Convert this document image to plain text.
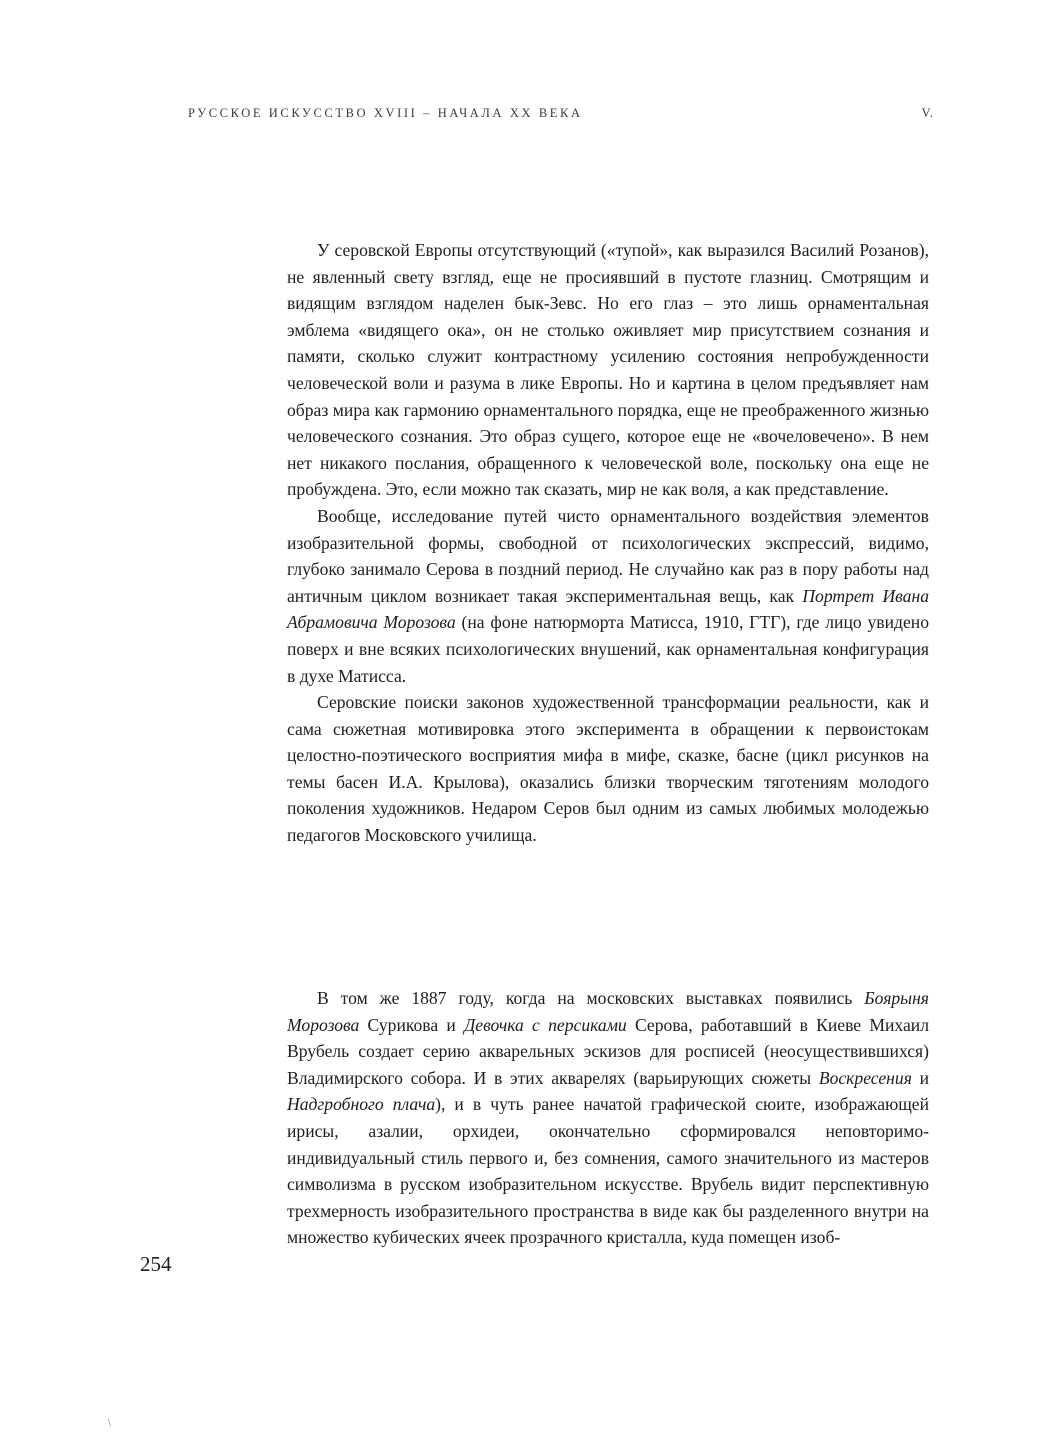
РУССКОЕ ИСКУССТВО XVIII – НАЧАЛА XX ВЕКА	V.

У серовской Европы отсутствующий («тупой», как выразился Василий Розанов), не явленный свету взгляд, еще не просиявший в пустоте глазниц. Смотрящим и видящим взглядом наделен бык-Зевс. Но его глаз – это лишь орнаментальная эмблема «видящего ока», он не столько оживляет мир присутствием сознания и памяти, сколько служит контрастному усилению состояния непробужденности человеческой воли и разума в лике Европы. Но и картина в целом предъявляет нам образ мира как гармонию орнаментального порядка, еще не преображенного жизнью человеческого сознания. Это образ сущего, которое еще не «вочеловечено». В нем нет никакого послания, обращенного к человеческой воле, поскольку она еще не пробуждена. Это, если можно так сказать, мир не как воля, а как представление.

Вообще, исследование путей чисто орнаментального воздействия элементов изобразительной формы, свободной от психологических экспрессий, видимо, глубоко занимало Серова в поздний период. Не случайно как раз в пору работы над античным циклом возникает такая экспериментальная вещь, как Портрет Ивана Абрамовича Морозова (на фоне натюрморта Матисса, 1910, ГТГ), где лицо увидено поверх и вне всяких психологических внушений, как орнаментальная конфигурация в духе Матисса.

Серовские поиски законов художественной трансформации реальности, как и сама сюжетная мотивировка этого эксперимента в обращении к первоистокам целостно-поэтического восприятия мифа в мифе, сказке, басне (цикл рисунков на темы басен И.А. Крылова), оказались близки творческим тяготениям молодого поколения художников. Недаром Серов был одним из самых любимых молодежью педагогов Московского училища.

В том же 1887 году, когда на московских выставках появились Боярыня Морозова Сурикова и Девочка с персиками Серова, работавший в Киеве Михаил Врубель создает серию акварельных эскизов для росписей (неосуществившихся) Владимирского собора. И в этих акварелях (варьирующих сюжеты Воскресения и Надгробного плача), и в чуть ранее начатой графической сюите, изображающей ирисы, азалии, орхидеи, окончательно сформировался неповторимо-индивидуальный стиль первого и, без сомнения, самого значительного из мастеров символизма в русском изобразительном искусстве. Врубель видит перспективную трехмерность изобразительного пространства в виде как бы разделенного внутри на множество кубических ячеек прозрачного кристалла, куда помещен изоб-

254
\
